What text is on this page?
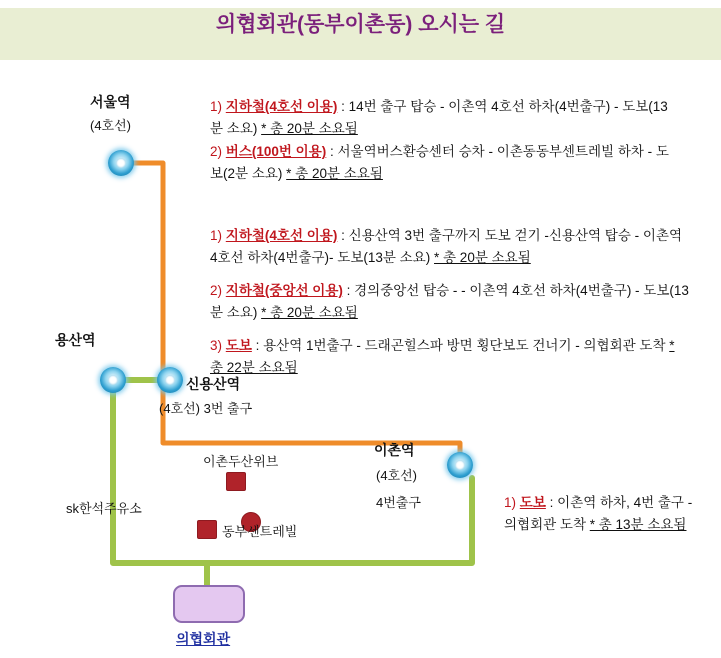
의협회관(동부이촌동) 오시는 길
서울역
(4호선)
용산역
신용산역
(4호선) 3번 출구
이촌역
(4호선)
4번출구
이촌두산위브
sk한석주유소
동부센트레빌
의협회관

1) 지하철(4호선 이용) : 14번 출구 탑승 - 이촌역 4호선 하차(4번출구) - 도보(13분 소요) * 총 20분 소요됨

2) 버스(100번 이용) : 서울역버스환승센터 승차 - 이촌동동부센트레빌 하차 - 도보(2분 소요) * 총 20분 소요됨

1) 지하철(4호선 이용) : 신용산역 3번 출구까지 도보 걷기 -신용산역 탑승 - 이촌역 4호선 하차(4번출구)- 도보(13분 소요) * 총 20분 소요됨

2) 지하철(중앙선 이용) : 경의중앙선 탑승 - - 이촌역 4호선 하차(4번출구) - 도보(13분 소요) * 총 20분 소요됨

3) 도보 : 용산역 1번출구 - 드래곤힐스파 방면 횡단보도 건너기 - 의협회관 도착 * 총 22분 소요됨

1) 도보 : 이촌역 하차, 4번 출구 - 의협회관 도착 * 총 13분 소요됨
